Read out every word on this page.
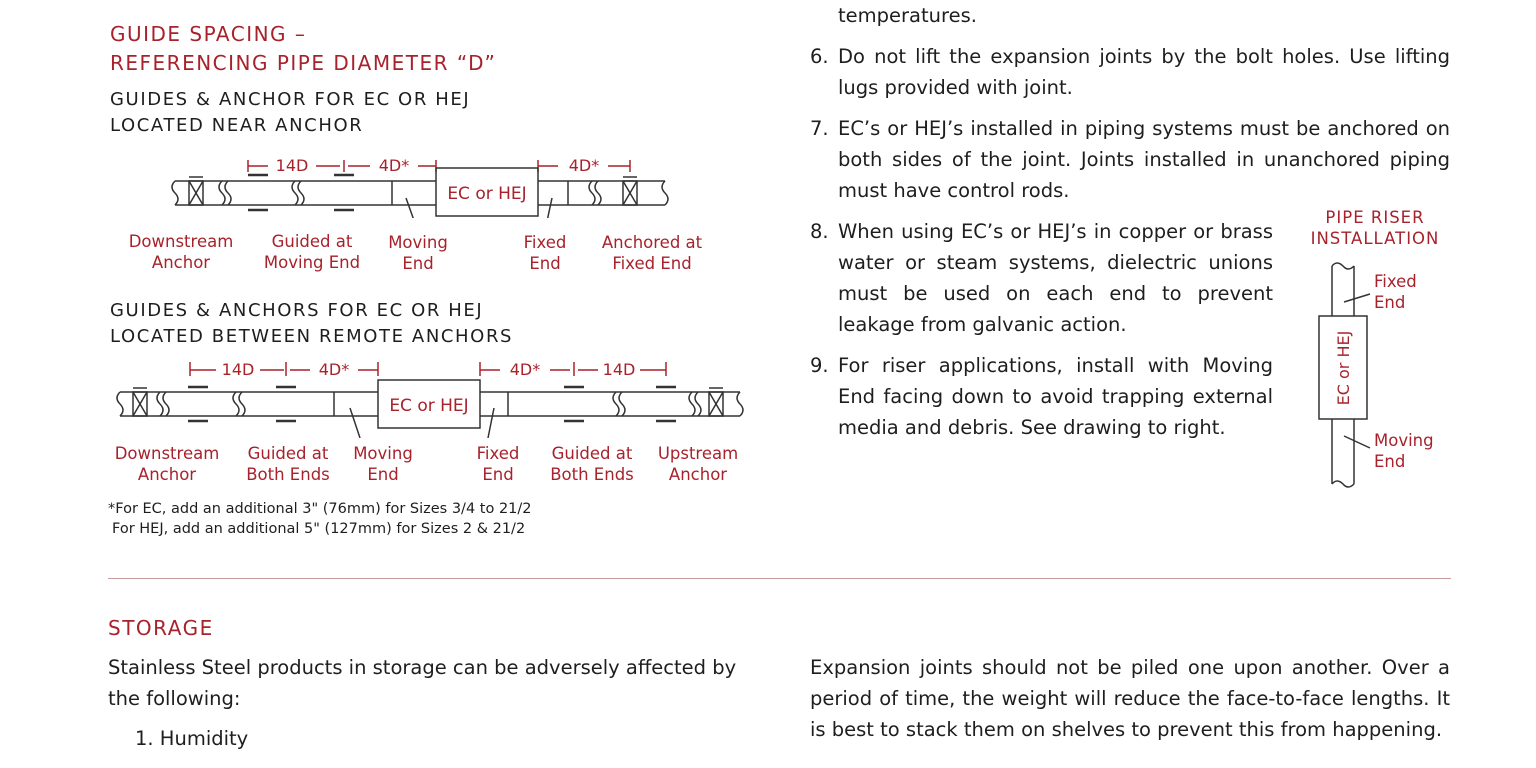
GUIDE SPACING –
REFERENCING PIPE DIAMETER “D”
GUIDES & ANCHOR FOR EC OR HEJ
LOCATED NEAR ANCHOR
14D	4D*	4D*
EC or HEJ
Downstream
Anchor
Guided at
Moving End
Moving
End
Fixed
End
Anchored at
Fixed End
GUIDES & ANCHORS FOR EC OR HEJ
LOCATED BETWEEN REMOTE ANCHORS
14D	4D*	4D*	14D
EC or HEJ
Downstream
Anchor
Guided at
Both Ends
Moving
End
Fixed
End
Guided at
Both Ends
Upstream
Anchor
*For EC, add an additional 3" (76mm) for Sizes 3/4 to 21/2
For HEJ, add an additional 5" (127mm) for Sizes 2 & 21/2
temperatures.
6. Do not lift the expansion joints by the bolt holes. Use lifting lugs provided with joint.
7. EC’s or HEJ’s installed in piping systems must be anchored on both sides of the joint. Joints installed in unanchored piping must have control rods.
8. When using EC’s or HEJ’s in copper or brass water or steam systems, dielectric unions must be used on each end to prevent leakage from galvanic action.
9. For riser applications, install with Moving End facing down to avoid trapping external media and debris. See drawing to right.
PIPE RISER
INSTALLATION
EC or HEJ
Fixed
End
Moving
End
STORAGE
Stainless Steel products in storage can be adversely affected by the following:
1. Humidity
Expansion joints should not be piled one upon another. Over a period of time, the weight will reduce the face-to-face lengths. It is best to stack them on shelves to prevent this from happening.
